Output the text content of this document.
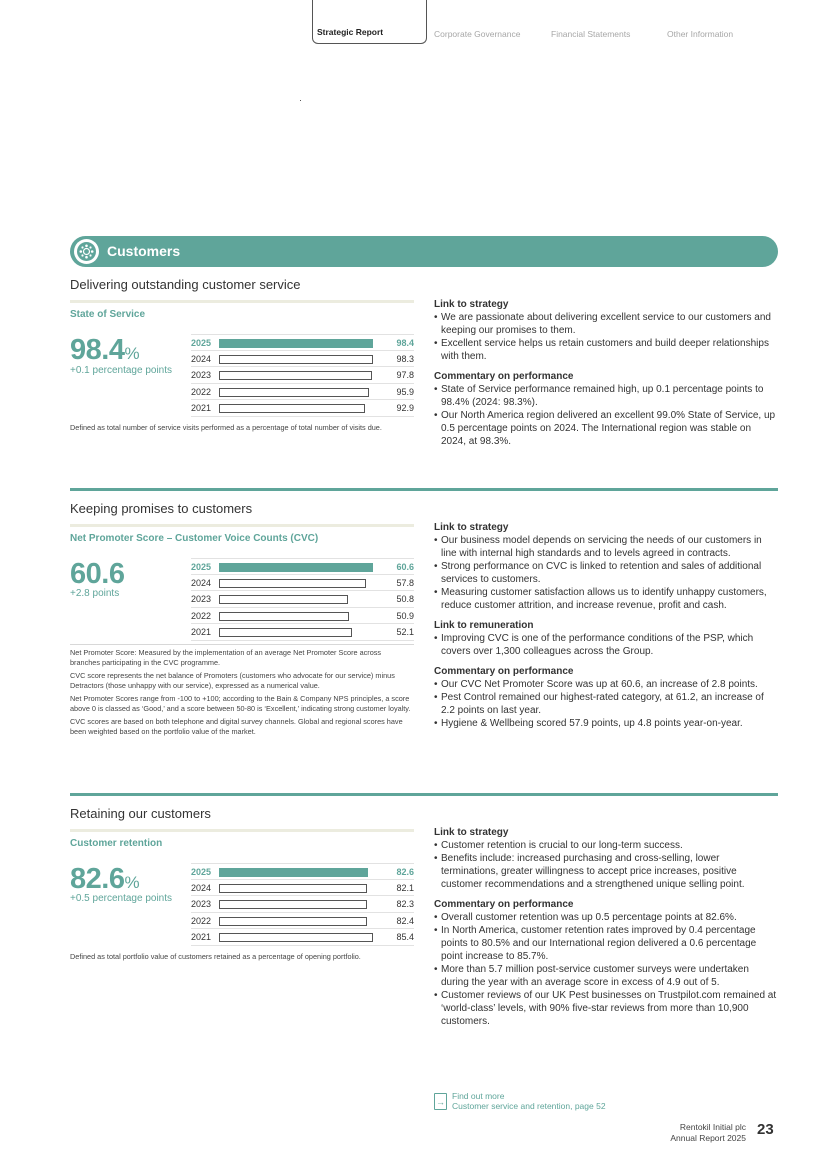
Strategic Report	Corporate Governance	Financial Statements	Other Information
Customers
Delivering outstanding customer service
State of Service
98.4%
+0.1 percentage points
2025	98.4
2024	98.3
2023	97.8
2022	95.9
2021	92.9

Defined as total number of service visits performed as a percentage of total number of visits due.

Link to strategy
• We are passionate about delivering excellent service to our customers and keeping our promises to them.
• Excellent service helps us retain customers and build deeper relationships with them.
Commentary on performance
• State of Service performance remained high, up 0.1 percentage points to 98.4% (2024: 98.3%).
• Our North America region delivered an excellent 99.0% State of Service, up 0.5 percentage points on 2024. The International region was stable on 2024, at 98.3%.
Keeping promises to customers
Net Promoter Score – Customer Voice Counts (CVC)
60.6
+2.8 points
2025	60.6
2024	57.8
2023	50.8
2022	50.9
2021	52.1

Net Promoter Score: Measured by the implementation of an average Net Promoter Score across branches participating in the CVC programme.

CVC score represents the net balance of Promoters (customers who advocate for our service) minus Detractors (those unhappy with our service), expressed as a numerical value.

Net Promoter Scores range from -100 to +100; according to the Bain & Company NPS principles, a score above 0 is classed as ‘Good,’ and a score between 50-80 is ‘Excellent,’ indicating strong customer loyalty.

CVC scores are based on both telephone and digital survey channels. Global and regional scores have been weighted based on the portfolio value of the market.

Link to strategy
• Our business model depends on servicing the needs of our customers in line with internal high standards and to levels agreed in contracts.
• Strong performance on CVC is linked to retention and sales of additional services to customers.
• Measuring customer satisfaction allows us to identify unhappy customers, reduce customer attrition, and increase revenue, profit and cash.
Link to remuneration
• Improving CVC is one of the performance conditions of the PSP, which covers over 1,300 colleagues across the Group.
Commentary on performance
• Our CVC Net Promoter Score was up at 60.6, an increase of 2.8 points.
• Pest Control remained our highest-rated category, at 61.2, an increase of 2.2 points on last year.
• Hygiene & Wellbeing scored 57.9 points, up 4.8 points year-on-year.
Retaining our customers
Customer retention
82.6%
+0.5 percentage points
2025	82.6
2024	82.1
2023	82.3
2022	82.4
2021	85.4

Defined as total portfolio value of customers retained as a percentage of opening portfolio.

Link to strategy
• Customer retention is crucial to our long-term success.
• Benefits include: increased purchasing and cross-selling, lower terminations, greater willingness to accept price increases, positive customer recommendations and a strengthened unique selling point.
Commentary on performance
• Overall customer retention was up 0.5 percentage points at 82.6%.
• In North America, customer retention rates improved by 0.4 percentage points to 80.5% and our International region delivered a 0.6 percentage point increase to 85.7%.
• More than 5.7 million post-service customer surveys were undertaken during the year with an average score in excess of 4.9 out of 5.
• Customer reviews of our UK Pest businesses on Trustpilot.com remained at ‘world-class’ levels, with 90% five-star reviews from more than 10,900 customers.
→
Find out more
Customer service and retention, page 52
Rentokil Initial plc
Annual Report 2025 23
